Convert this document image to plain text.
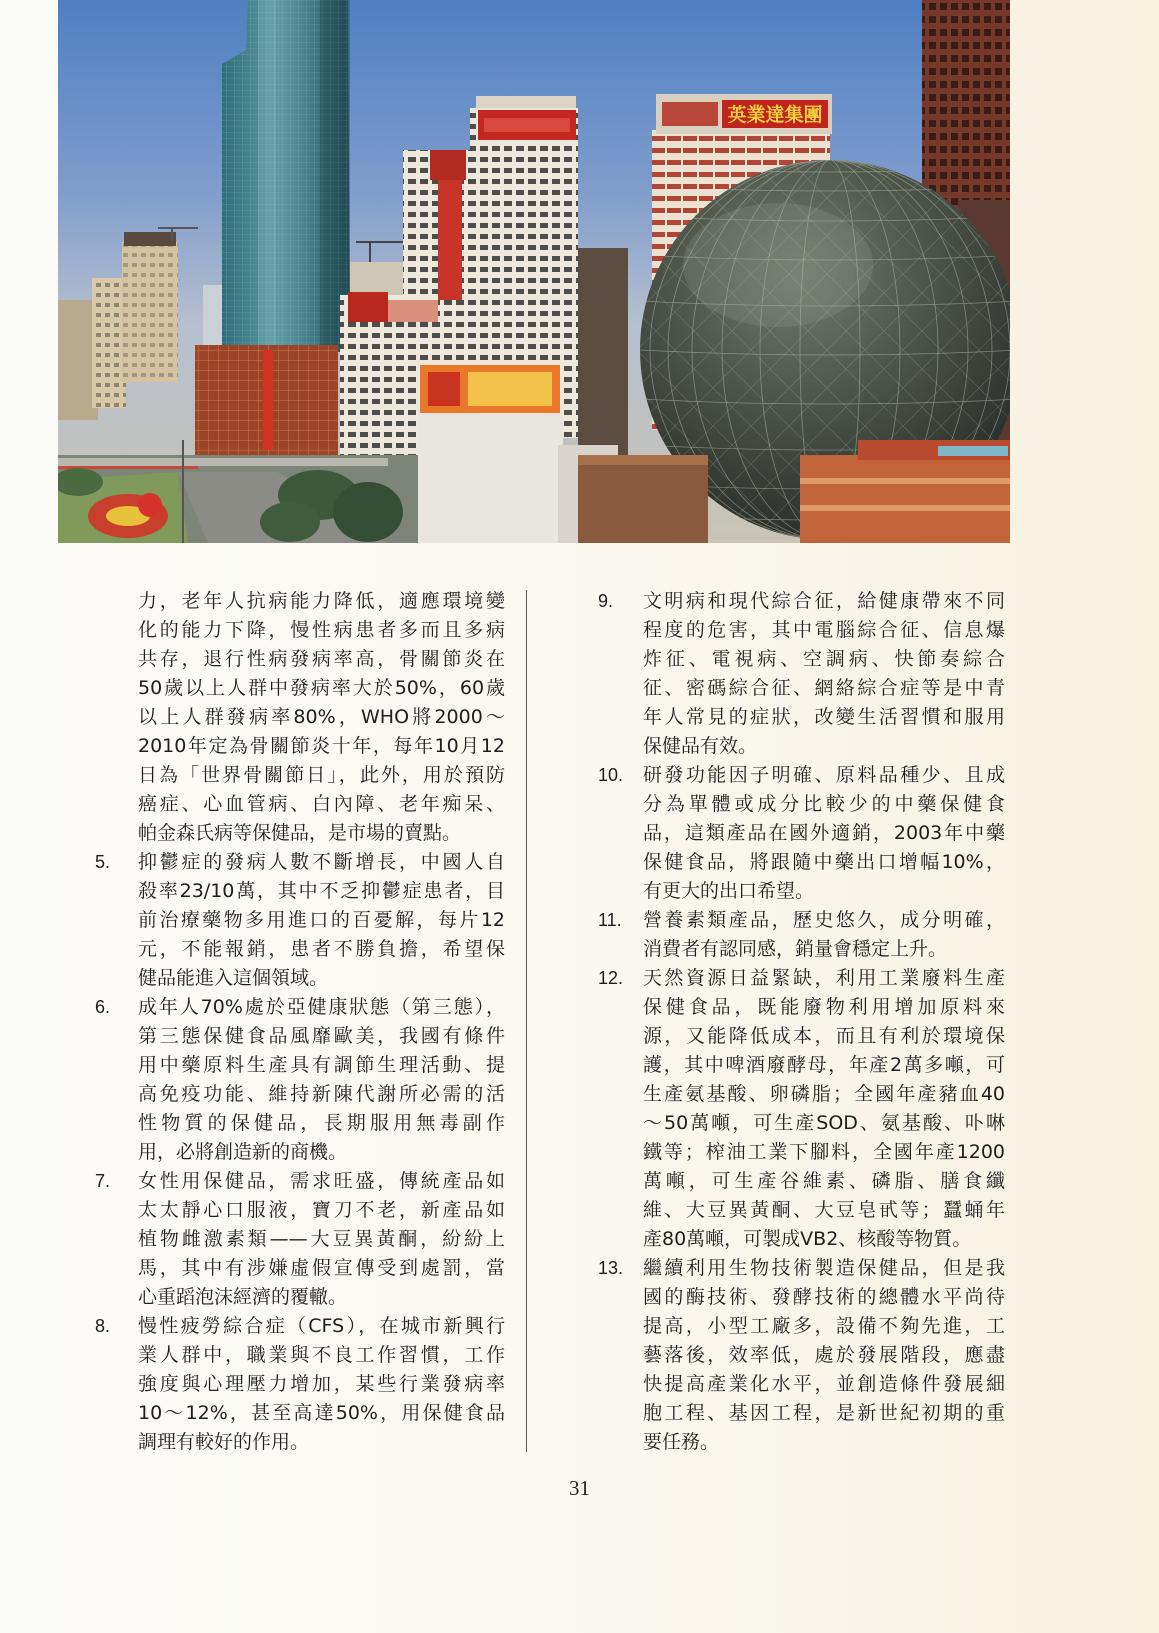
英業達集團
力，老年人抗病能力降低，適應環境變
化的能力下降，慢性病患者多而且多病
共存，退行性病發病率高，骨關節炎在
50歲以上人群中發病率大於50%，60歲
以上人群發病率80%，WHO將2000～
2010年定為骨關節炎十年，每年10月12
日為「世界骨關節日」，此外，用於預防
癌症、心血管病、白內障、老年痴呆、
帕金森氏病等保健品，是市場的賣點。
5.	抑鬱症的發病人數不斷增長，中國人自
殺率23/10萬，其中不乏抑鬱症患者，目
前治療藥物多用進口的百憂解，每片12
元，不能報銷，患者不勝負擔，希望保
健品能進入這個領域。
6.	成年人70%處於亞健康狀態（第三態），
第三態保健食品風靡歐美，我國有條件
用中藥原料生產具有調節生理活動、提
高免疫功能、維持新陳代謝所必需的活
性物質的保健品，長期服用無毒副作
用，必將創造新的商機。
7.	女性用保健品，需求旺盛，傳統產品如
太太靜心口服液，寶刀不老，新產品如
植物雌激素類——大豆異黃酮，紛紛上
馬，其中有涉嫌虛假宣傳受到處罰，當
心重蹈泡沫經濟的覆轍。
8.	慢性疲勞綜合症（CFS），在城市新興行
業人群中，職業與不良工作習慣，工作
強度與心理壓力增加，某些行業發病率
10～12%，甚至高達50%，用保健食品
調理有較好的作用。
9.	文明病和現代綜合征，給健康帶來不同
程度的危害，其中電腦綜合征、信息爆
炸征、電視病、空調病、快節奏綜合
征、密碼綜合征、網絡綜合症等是中青
年人常見的症狀，改變生活習慣和服用
保健品有效。
10.	研發功能因子明確、原料品種少、且成
分為單體或成分比較少的中藥保健食
品，這類產品在國外適銷，2003年中藥
保健食品，將跟隨中藥出口增幅10%，
有更大的出口希望。
11.	營養素類產品，歷史悠久，成分明確，
消費者有認同感，銷量會穩定上升。
12.	天然資源日益緊缺，利用工業廢料生產
保健食品，既能廢物利用增加原料來
源，又能降低成本，而且有利於環境保
護，其中啤酒廢酵母，年產2萬多噸，可
生產氨基酸、卵磷脂；全國年產豬血40
～50萬噸，可生產SOD、氨基酸、卟啉
鐵等；榨油工業下腳料，全國年產1200
萬噸，可生產谷維素、磷脂、膳食纖
維、大豆異黃酮、大豆皂甙等；蠶蛹年
產80萬噸，可製成VB2、核酸等物質。
13.	繼續利用生物技術製造保健品，但是我
國的酶技術、發酵技術的總體水平尚待
提高，小型工廠多，設備不夠先進，工
藝落後，效率低，處於發展階段，應盡
快提高產業化水平，並創造條件發展細
胞工程、基因工程，是新世紀初期的重
要任務。
31
